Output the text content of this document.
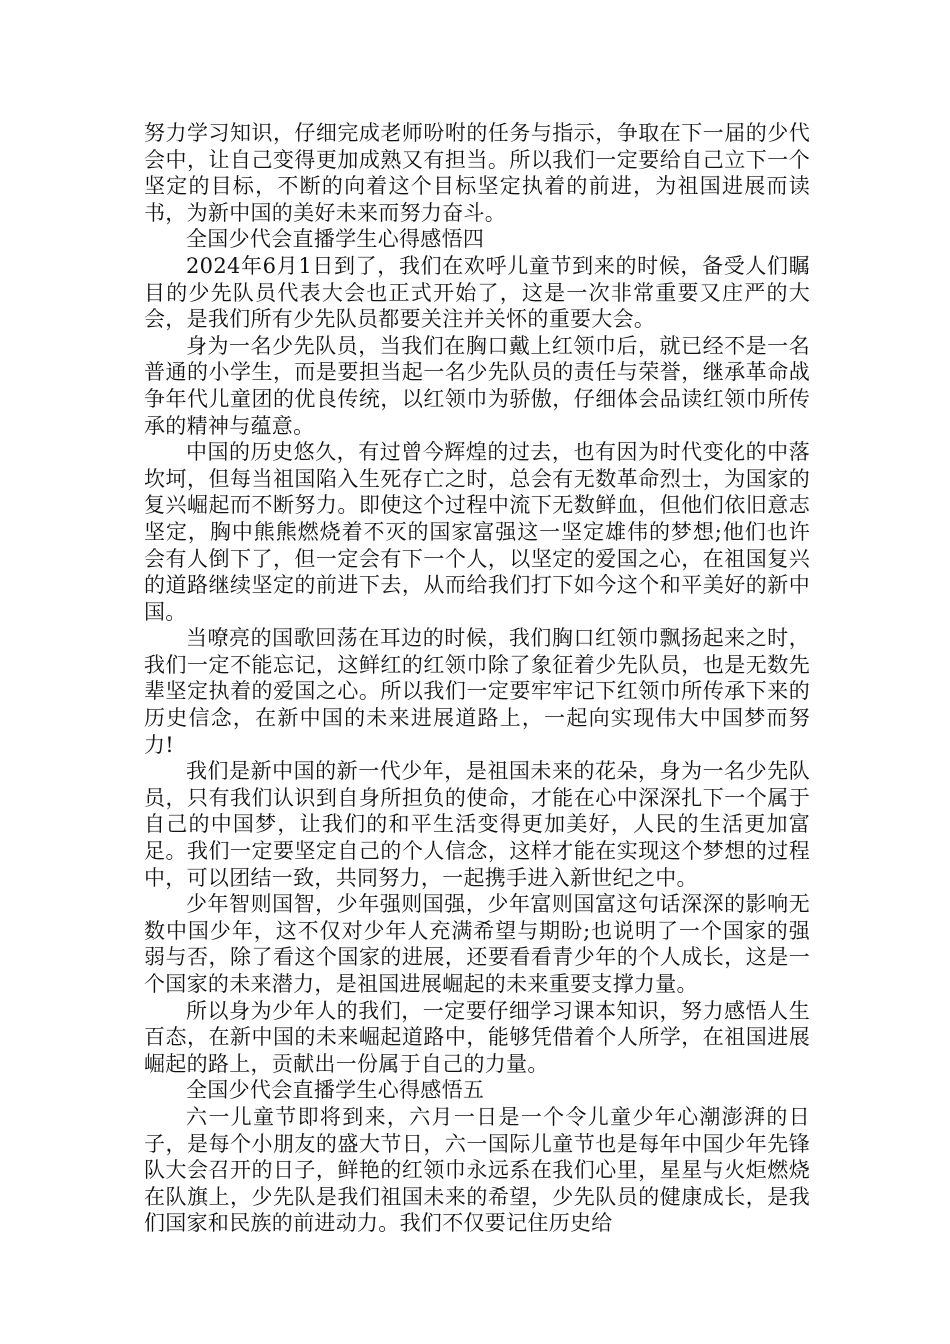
努力学习知识，仔细完成老师吩咐的任务与指示，争取在下一届的少代会中，让自己变得更加成熟又有担当。所以我们一定要给自己立下一个坚定的目标，不断的向着这个目标坚定执着的前进，为祖国进展而读书，为新中国的美好未来而努力奋斗。

全国少代会直播学生心得感悟四

2024年6月1日到了，我们在欢呼儿童节到来的时候，备受人们瞩目的少先队员代表大会也正式开始了，这是一次非常重要又庄严的大会，是我们所有少先队员都要关注并关怀的重要大会。

身为一名少先队员，当我们在胸口戴上红领巾后，就已经不是一名普通的小学生，而是要担当起一名少先队员的责任与荣誉，继承革命战争年代儿童团的优良传统，以红领巾为骄傲，仔细体会品读红领巾所传承的精神与蕴意。

中国的历史悠久，有过曾今辉煌的过去，也有因为时代变化的中落坎坷，但每当祖国陷入生死存亡之时，总会有无数革命烈士，为国家的复兴崛起而不断努力。即使这个过程中流下无数鲜血，但他们依旧意志坚定，胸中熊熊燃烧着不灭的国家富强这一坚定雄伟的梦想;他们也许会有人倒下了，但一定会有下一个人，以坚定的爱国之心，在祖国复兴的道路继续坚定的前进下去，从而给我们打下如今这个和平美好的新中国。

当嘹亮的国歌回荡在耳边的时候，我们胸口红领巾飘扬起来之时，我们一定不能忘记，这鲜红的红领巾除了象征着少先队员，也是无数先辈坚定执着的爱国之心。所以我们一定要牢牢记下红领巾所传承下来的历史信念，在新中国的未来进展道路上，一起向实现伟大中国梦而努力!

我们是新中国的新一代少年，是祖国未来的花朵，身为一名少先队员，只有我们认识到自身所担负的使命，才能在心中深深扎下一个属于自己的中国梦，让我们的和平生活变得更加美好，人民的生活更加富足。我们一定要坚定自己的个人信念，这样才能在实现这个梦想的过程中，可以团结一致，共同努力，一起携手进入新世纪之中。

少年智则国智，少年强则国强，少年富则国富这句话深深的影响无数中国少年，这不仅对少年人充满希望与期盼;也说明了一个国家的强弱与否，除了看这个国家的进展，还要看看青少年的个人成长，这是一个国家的未来潜力，是祖国进展崛起的未来重要支撑力量。

所以身为少年人的我们，一定要仔细学习课本知识，努力感悟人生百态，在新中国的未来崛起道路中，能够凭借着个人所学，在祖国进展崛起的路上，贡献出一份属于自己的力量。

全国少代会直播学生心得感悟五

六一儿童节即将到来，六月一日是一个令儿童少年心潮澎湃的日子，是每个小朋友的盛大节日，六一国际儿童节也是每年中国少年先锋队大会召开的日子，鲜艳的红领巾永远系在我们心里，星星与火炬燃烧在队旗上，少先队是我们祖国未来的希望，少先队员的健康成长，是我们国家和民族的前进动力。我们不仅要记住历史给
